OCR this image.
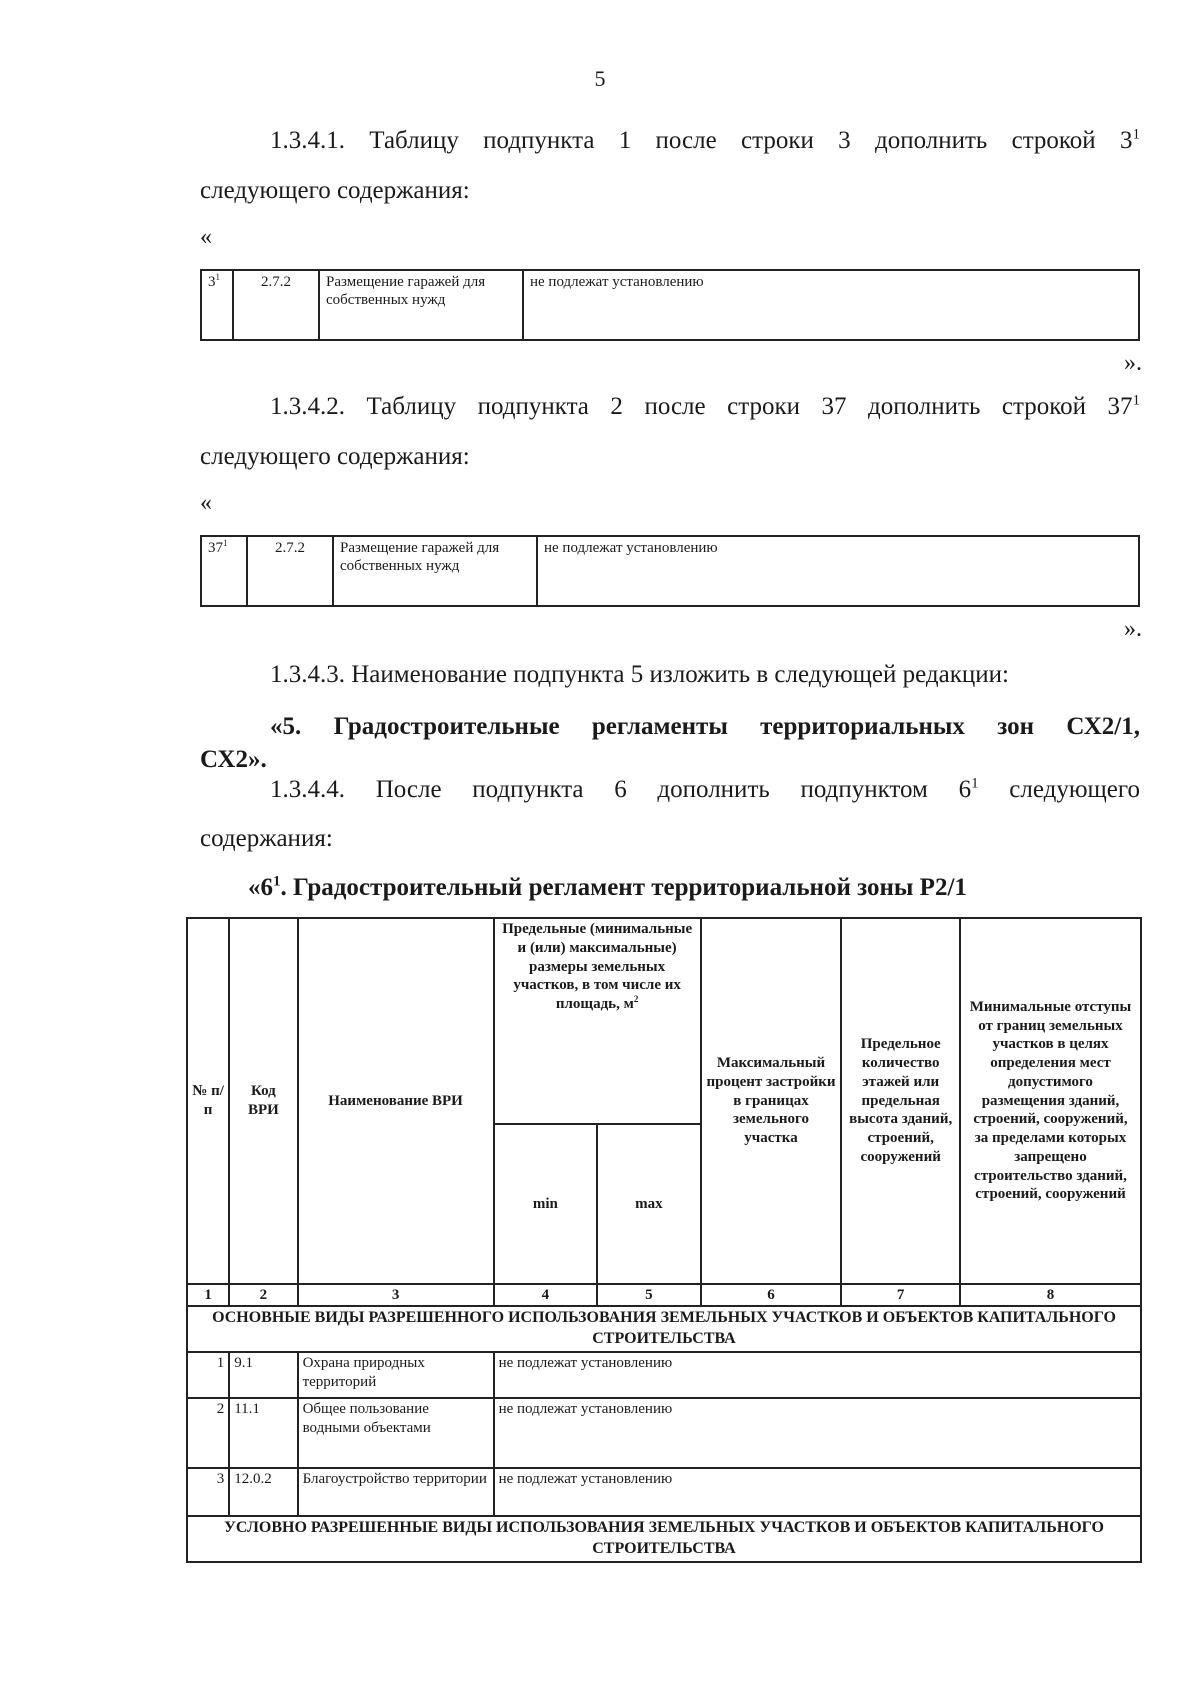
5
1.3.4.1. Таблицу подпункта 1 после строки 3 дополнить строкой $3^1$
следующего содержания:
«
$3^1$	2.7.2	Размещение гаражей для собственных нужд	не подлежат установлению
».
1.3.4.2. Таблицу подпункта 2 после строки 37 дополнить строкой $37^1$
следующего содержания:
«
$37^1$	2.7.2	Размещение гаражей для собственных нужд	не подлежат установлению
».
1.3.4.3. Наименование подпункта 5 изложить в следующей редакции:
«5. Градостроительные регламенты территориальных зон СХ2/1,
СХ2».
1.3.4.4. После подпункта 6 дополнить подпунктом $6^1$ следующего
содержания:
«$6^1$. Градостроительный регламент территориальной зоны Р2/1
№ п/п	Код ВРИ	Наименование ВРИ	Предельные (минимальные и (или) максимальные) размеры земельных участков, в том числе их площадь, $м^2$		Максимальный процент застройки в границах земельного участка	Предельное количество этажей или предельная высота зданий, строений, сооружений	Минимальные отступы от границ земельных участков в целях определения мест допустимого размещения зданий, строений, сооружений, за пределами которых запрещено строительство зданий, строений, сооружений
			min	max			
1	2	3	4	5	6	7	8
ОСНОВНЫЕ ВИДЫ РАЗРЕШЕННОГО ИСПОЛЬЗОВАНИЯ ЗЕМЕЛЬНЫХ УЧАСТКОВ И ОБЪЕКТОВ КАПИТАЛЬНОГО СТРОИТЕЛЬСТВА							
1	9.1	Охрана природных территорий	не подлежат установлению				
2	11.1	Общее пользование водными объектами	не подлежат установлению				
3	12.0.2	Благоустройство территории	не подлежат установлению				
УСЛОВНО РАЗРЕШЕННЫЕ ВИДЫ ИСПОЛЬЗОВАНИЯ ЗЕМЕЛЬНЫХ УЧАСТКОВ И ОБЪЕКТОВ КАПИТАЛЬНОГО СТРОИТЕЛЬСТВА							
